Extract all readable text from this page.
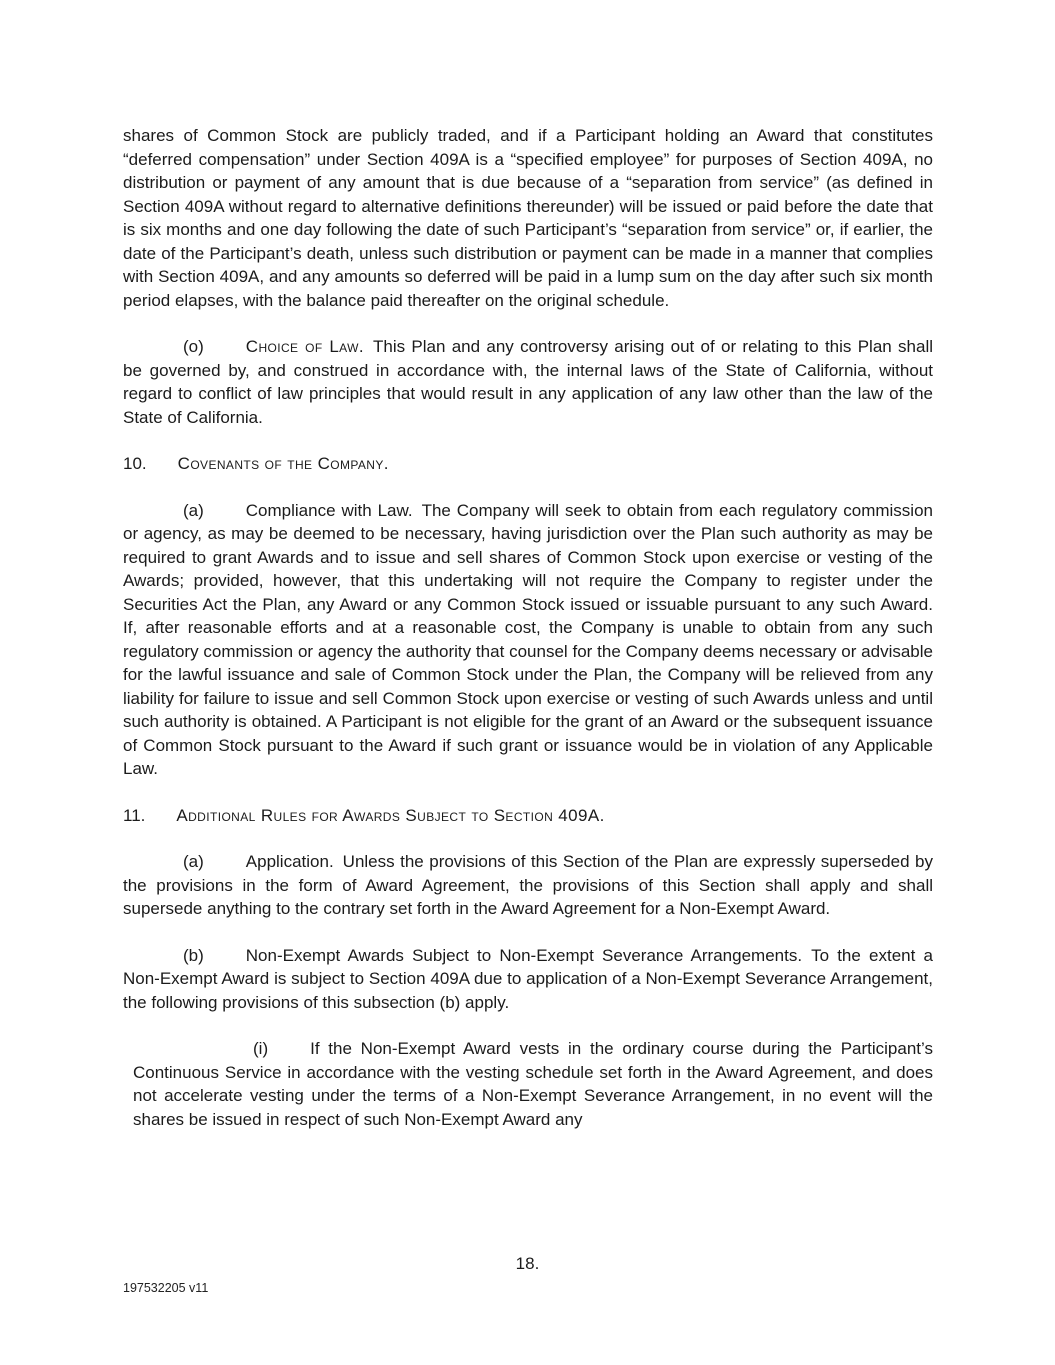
shares of Common Stock are publicly traded, and if a Participant holding an Award that constitutes “deferred compensation” under Section 409A is a “specified employee” for purposes of Section 409A, no distribution or payment of any amount that is due because of a “separation from service” (as defined in Section 409A without regard to alternative definitions thereunder) will be issued or paid before the date that is six months and one day following the date of such Participant’s “separation from service” or, if earlier, the date of the Participant’s death, unless such distribution or payment can be made in a manner that complies with Section 409A, and any amounts so deferred will be paid in a lump sum on the day after such six month period elapses, with the balance paid thereafter on the original schedule.

(o) Choice of Law. This Plan and any controversy arising out of or relating to this Plan shall be governed by, and construed in accordance with, the internal laws of the State of California, without regard to conflict of law principles that would result in any application of any law other than the law of the State of California.

10. Covenants of the Company.

(a) Compliance with Law. The Company will seek to obtain from each regulatory commission or agency, as may be deemed to be necessary, having jurisdiction over the Plan such authority as may be required to grant Awards and to issue and sell shares of Common Stock upon exercise or vesting of the Awards; provided, however, that this undertaking will not require the Company to register under the Securities Act the Plan, any Award or any Common Stock issued or issuable pursuant to any such Award. If, after reasonable efforts and at a reasonable cost, the Company is unable to obtain from any such regulatory commission or agency the authority that counsel for the Company deems necessary or advisable for the lawful issuance and sale of Common Stock under the Plan, the Company will be relieved from any liability for failure to issue and sell Common Stock upon exercise or vesting of such Awards unless and until such authority is obtained. A Participant is not eligible for the grant of an Award or the subsequent issuance of Common Stock pursuant to the Award if such grant or issuance would be in violation of any Applicable Law.

11. Additional Rules for Awards Subject to Section 409A.

(a) Application. Unless the provisions of this Section of the Plan are expressly superseded by the provisions in the form of Award Agreement, the provisions of this Section shall apply and shall supersede anything to the contrary set forth in the Award Agreement for a Non-Exempt Award.

(b) Non-Exempt Awards Subject to Non-Exempt Severance Arrangements. To the extent a Non-Exempt Award is subject to Section 409A due to application of a Non-Exempt Severance Arrangement, the following provisions of this subsection (b) apply.

(i) If the Non-Exempt Award vests in the ordinary course during the Participant’s Continuous Service in accordance with the vesting schedule set forth in the Award Agreement, and does not accelerate vesting under the terms of a Non-Exempt Severance Arrangement, in no event will the shares be issued in respect of such Non-Exempt Award any

18.
197532205 v11
